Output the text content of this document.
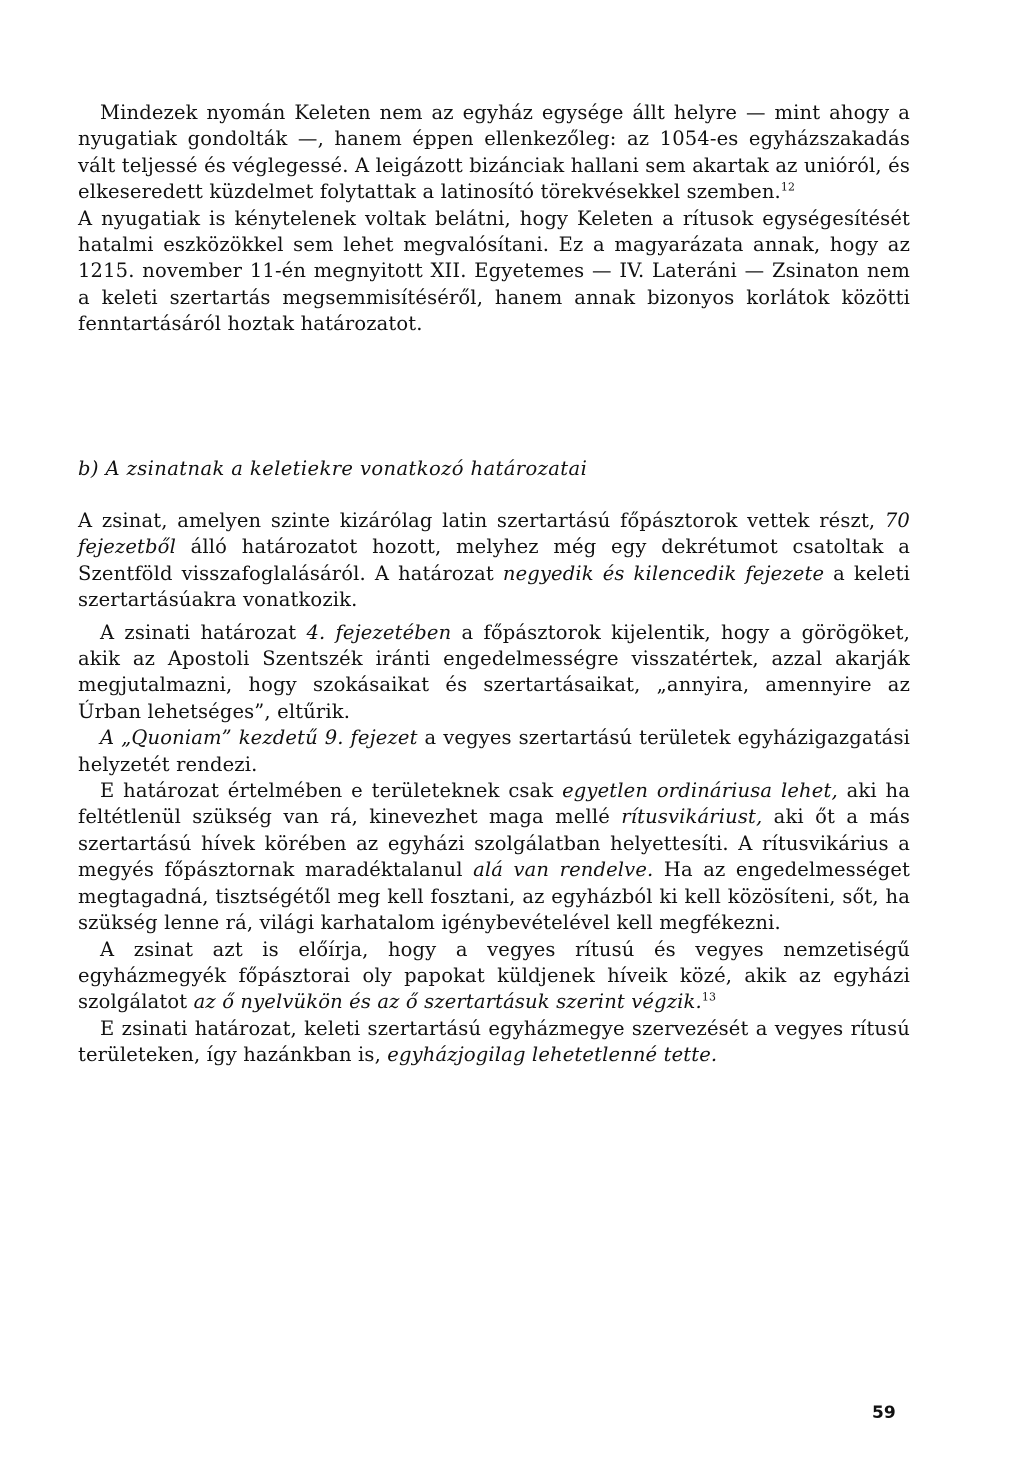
Mindezek nyomán Keleten nem az egyház egysége állt helyre — mint ahogy a nyugatiak gondolták —, hanem éppen ellenkezőleg: az 1054-es egyházszakadás vált teljessé és véglegessé. A leigázott bizánciak hallani sem akartak az unióról, és elkeseredett küzdelmet folytattak a latinosító törekvésekkel szemben.$^{12}$

A nyugatiak is kénytelenek voltak belátni, hogy Keleten a rítusok egységesítését hatalmi eszközökkel sem lehet megvalósítani. Ez a magyarázata annak, hogy az 1215. november 11-én megnyitott XII. Egyetemes — IV. Lateráni — Zsinaton nem a keleti szertartás megsemmisítéséről, hanem annak bizonyos korlátok közötti fenntartásáról hoztak határozatot.

b) A zsinatnak a keletiekre vonatkozó határozatai

A zsinat, amelyen szinte kizárólag latin szertartású főpásztorok vettek részt, 70 fejezetből álló határozatot hozott, melyhez még egy dekrétumot csatoltak a Szentföld visszafoglalásáról. A határozat negyedik és kilencedik fejezete a keleti szertartásúakra vonatkozik.

A zsinati határozat 4. fejezetében a főpásztorok kijelentik, hogy a görögöket, akik az Apostoli Szentszék iránti engedelmességre visszatértek, azzal akarják megjutalmazni, hogy szokásaikat és szertartásaikat, „annyira, amennyire az Úrban lehetséges”, eltűrik.

A „Quoniam” kezdetű 9. fejezet a vegyes szertartású területek egyházigazgatási helyzetét rendezi.

E határozat értelmében e területeknek csak egyetlen ordináriusa lehet, aki ha feltétlenül szükség van rá, kinevezhet maga mellé rítusvikáriust, aki őt a más szertartású hívek körében az egyházi szolgálatban helyettesíti. A rítusvikárius a megyés főpásztornak maradéktalanul alá van rendelve. Ha az engedelmességet megtagadná, tisztségétől meg kell fosztani, az egyházból ki kell közösíteni, sőt, ha szükség lenne rá, világi karhatalom igénybevételével kell megfékezni.

A zsinat azt is előírja, hogy a vegyes rítusú és vegyes nemzetiségű egyházmegyék főpásztorai oly papokat küldjenek híveik közé, akik az egyházi szolgálatot az ő nyelvükön és az ő szertartásuk szerint végzik.$^{13}$

E zsinati határozat, keleti szertartású egyházmegye szervezését a vegyes rítusú területeken, így hazánkban is, egyházjogilag lehetetlenné tette.

59
